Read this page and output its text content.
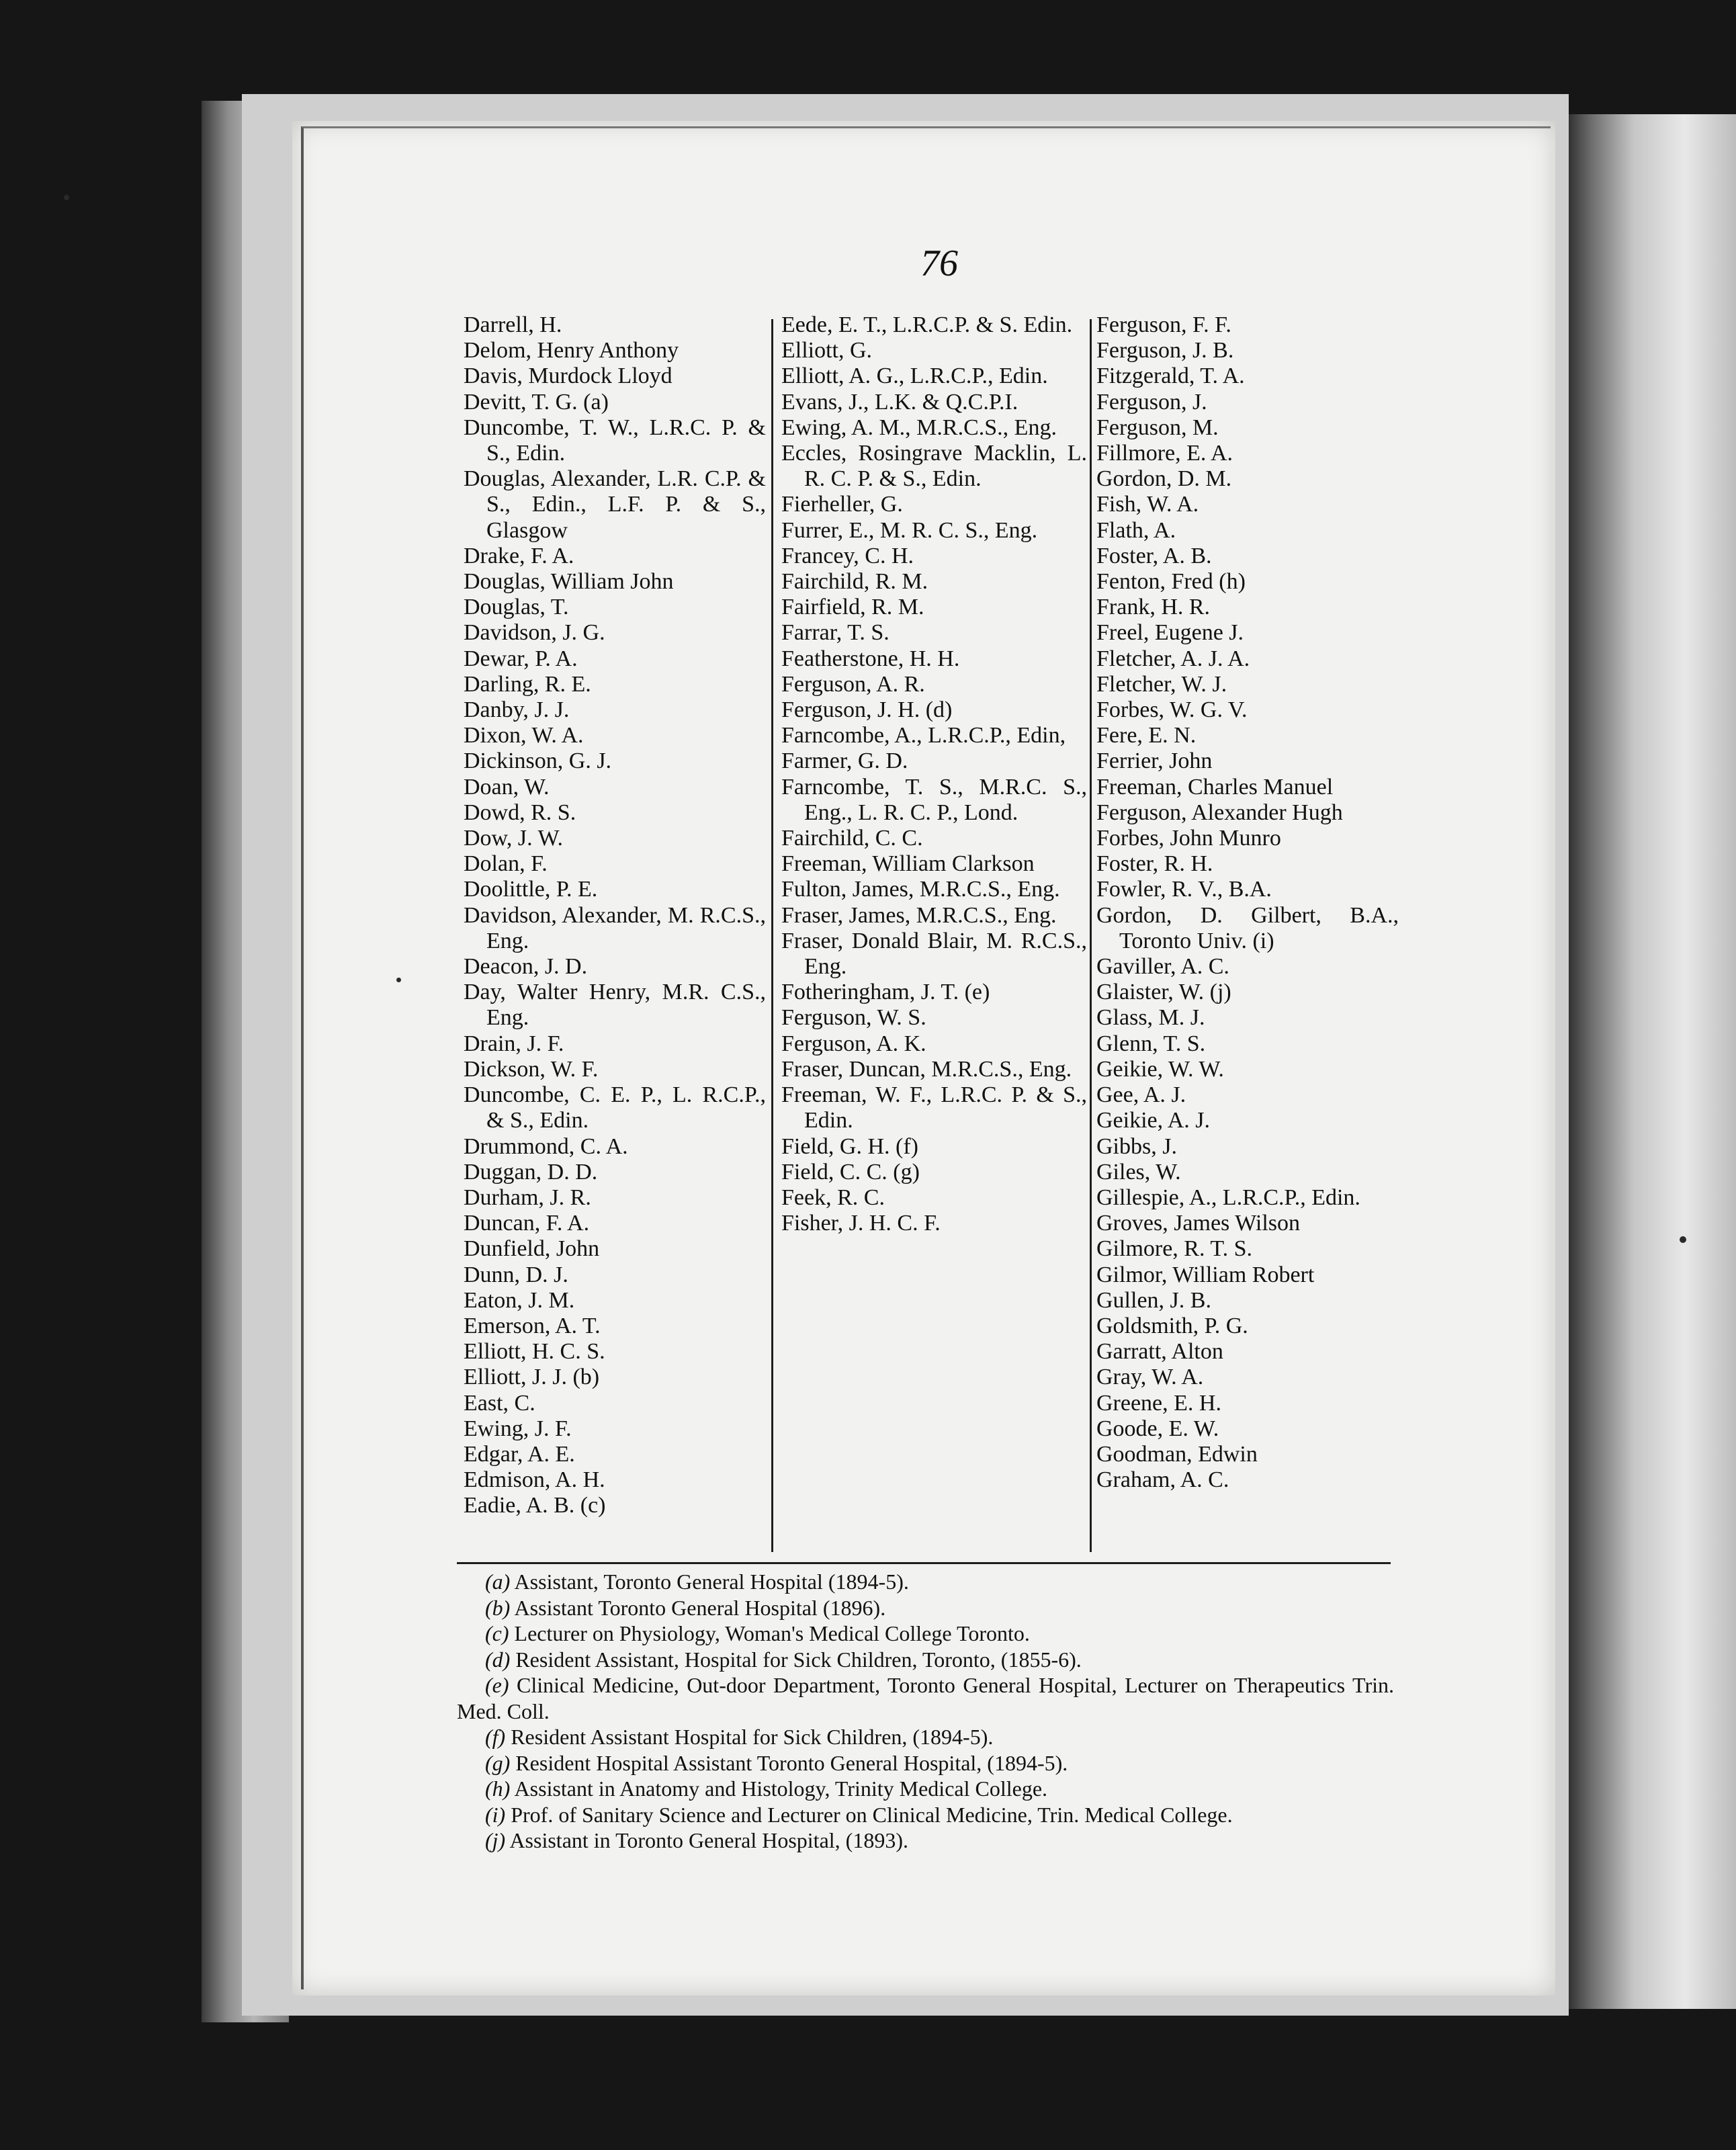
76

Darrell, H.

Delom, Henry Anthony

Davis, Murdock Lloyd

Devitt, T. G. (a)

Duncombe, T. W., L.R.C. P. & S., Edin.

Douglas, Alexander, L.R. C.P. & S., Edin., L.F. P. & S., Glasgow

Drake, F. A.

Douglas, William John

Douglas, T.

Davidson, J. G.

Dewar, P. A.

Darling, R. E.

Danby, J. J.

Dixon, W. A.

Dickinson, G. J.

Doan, W.

Dowd, R. S.

Dow, J. W.

Dolan, F.

Doolittle, P. E.

Davidson, Alexander, M. R.C.S., Eng.

Deacon, J. D.

Day, Walter Henry, M.R. C.S., Eng.

Drain, J. F.

Dickson, W. F.

Duncombe, C. E. P., L. R.C.P., & S., Edin.

Drummond, C. A.

Duggan, D. D.

Durham, J. R.

Duncan, F. A.

Dunfield, John

Dunn, D. J.

Eaton, J. M.

Emerson, A. T.

Elliott, H. C. S.

Elliott, J. J. (b)

East, C.

Ewing, J. F.

Edgar, A. E.

Edmison, A. H.

Eadie, A. B. (c)

Eede, E. T., L.R.C.P. & S. Edin.

Elliott, G.

Elliott, A. G., L.R.C.P., Edin.

Evans, J., L.K. & Q.C.P.I.

Ewing, A. M., M.R.C.S., Eng.

Eccles, Rosingrave Macklin, L. R. C. P. & S., Edin.

Fierheller, G.

Furrer, E., M. R. C. S., Eng.

Francey, C. H.

Fairchild, R. M.

Fairfield, R. M.

Farrar, T. S.

Featherstone, H. H.

Ferguson, A. R.

Ferguson, J. H. (d)

Farncombe, A., L.R.C.P., Edin,

Farmer, G. D.

Farncombe, T. S., M.R.C. S., Eng., L. R. C. P., Lond.

Fairchild, C. C.

Freeman, William Clarkson

Fulton, James, M.R.C.S., Eng.

Fraser, James, M.R.C.S., Eng.

Fraser, Donald Blair, M. R.C.S., Eng.

Fotheringham, J. T. (e)

Ferguson, W. S.

Ferguson, A. K.

Fraser, Duncan, M.R.C.S., Eng.

Freeman, W. F., L.R.C. P. & S., Edin.

Field, G. H. (f)

Field, C. C. (g)

Feek, R. C.

Fisher, J. H. C. F.

Ferguson, F. F.

Ferguson, J. B.

Fitzgerald, T. A.

Ferguson, J.

Ferguson, M.

Fillmore, E. A.

Gordon, D. M.

Fish, W. A.

Flath, A.

Foster, A. B.

Fenton, Fred (h)

Frank, H. R.

Freel, Eugene J.

Fletcher, A. J. A.

Fletcher, W. J.

Forbes, W. G. V.

Fere, E. N.

Ferrier, John

Freeman, Charles Manuel

Ferguson, Alexander Hugh

Forbes, John Munro

Foster, R. H.

Fowler, R. V., B.A.

Gordon, D. Gilbert, B.A., Toronto Univ. (i)

Gaviller, A. C.

Glaister, W. (j)

Glass, M. J.

Glenn, T. S.

Geikie, W. W.

Gee, A. J.

Geikie, A. J.

Gibbs, J.

Giles, W.

Gillespie, A., L.R.C.P., Edin.

Groves, James Wilson

Gilmore, R. T. S.

Gilmor, William Robert

Gullen, J. B.

Goldsmith, P. G.

Garratt, Alton

Gray, W. A.

Greene, E. H.

Goode, E. W.

Goodman, Edwin

Graham, A. C.

(a) Assistant, Toronto General Hospital (1894-5).

(b) Assistant Toronto General Hospital (1896).

(c) Lecturer on Physiology, Woman's Medical College Toronto.

(d) Resident Assistant, Hospital for Sick Children, Toronto, (1855-6).

(e) Clinical Medicine, Out-door Department, Toronto General Hospital, Lecturer on Therapeutics Trin. Med. Coll.

(f) Resident Assistant Hospital for Sick Children, (1894-5).

(g) Resident Hospital Assistant Toronto General Hospital, (1894-5).

(h) Assistant in Anatomy and Histology, Trinity Medical College.

(i) Prof. of Sanitary Science and Lecturer on Clinical Medicine, Trin. Medical College.

(j) Assistant in Toronto General Hospital, (1893).
